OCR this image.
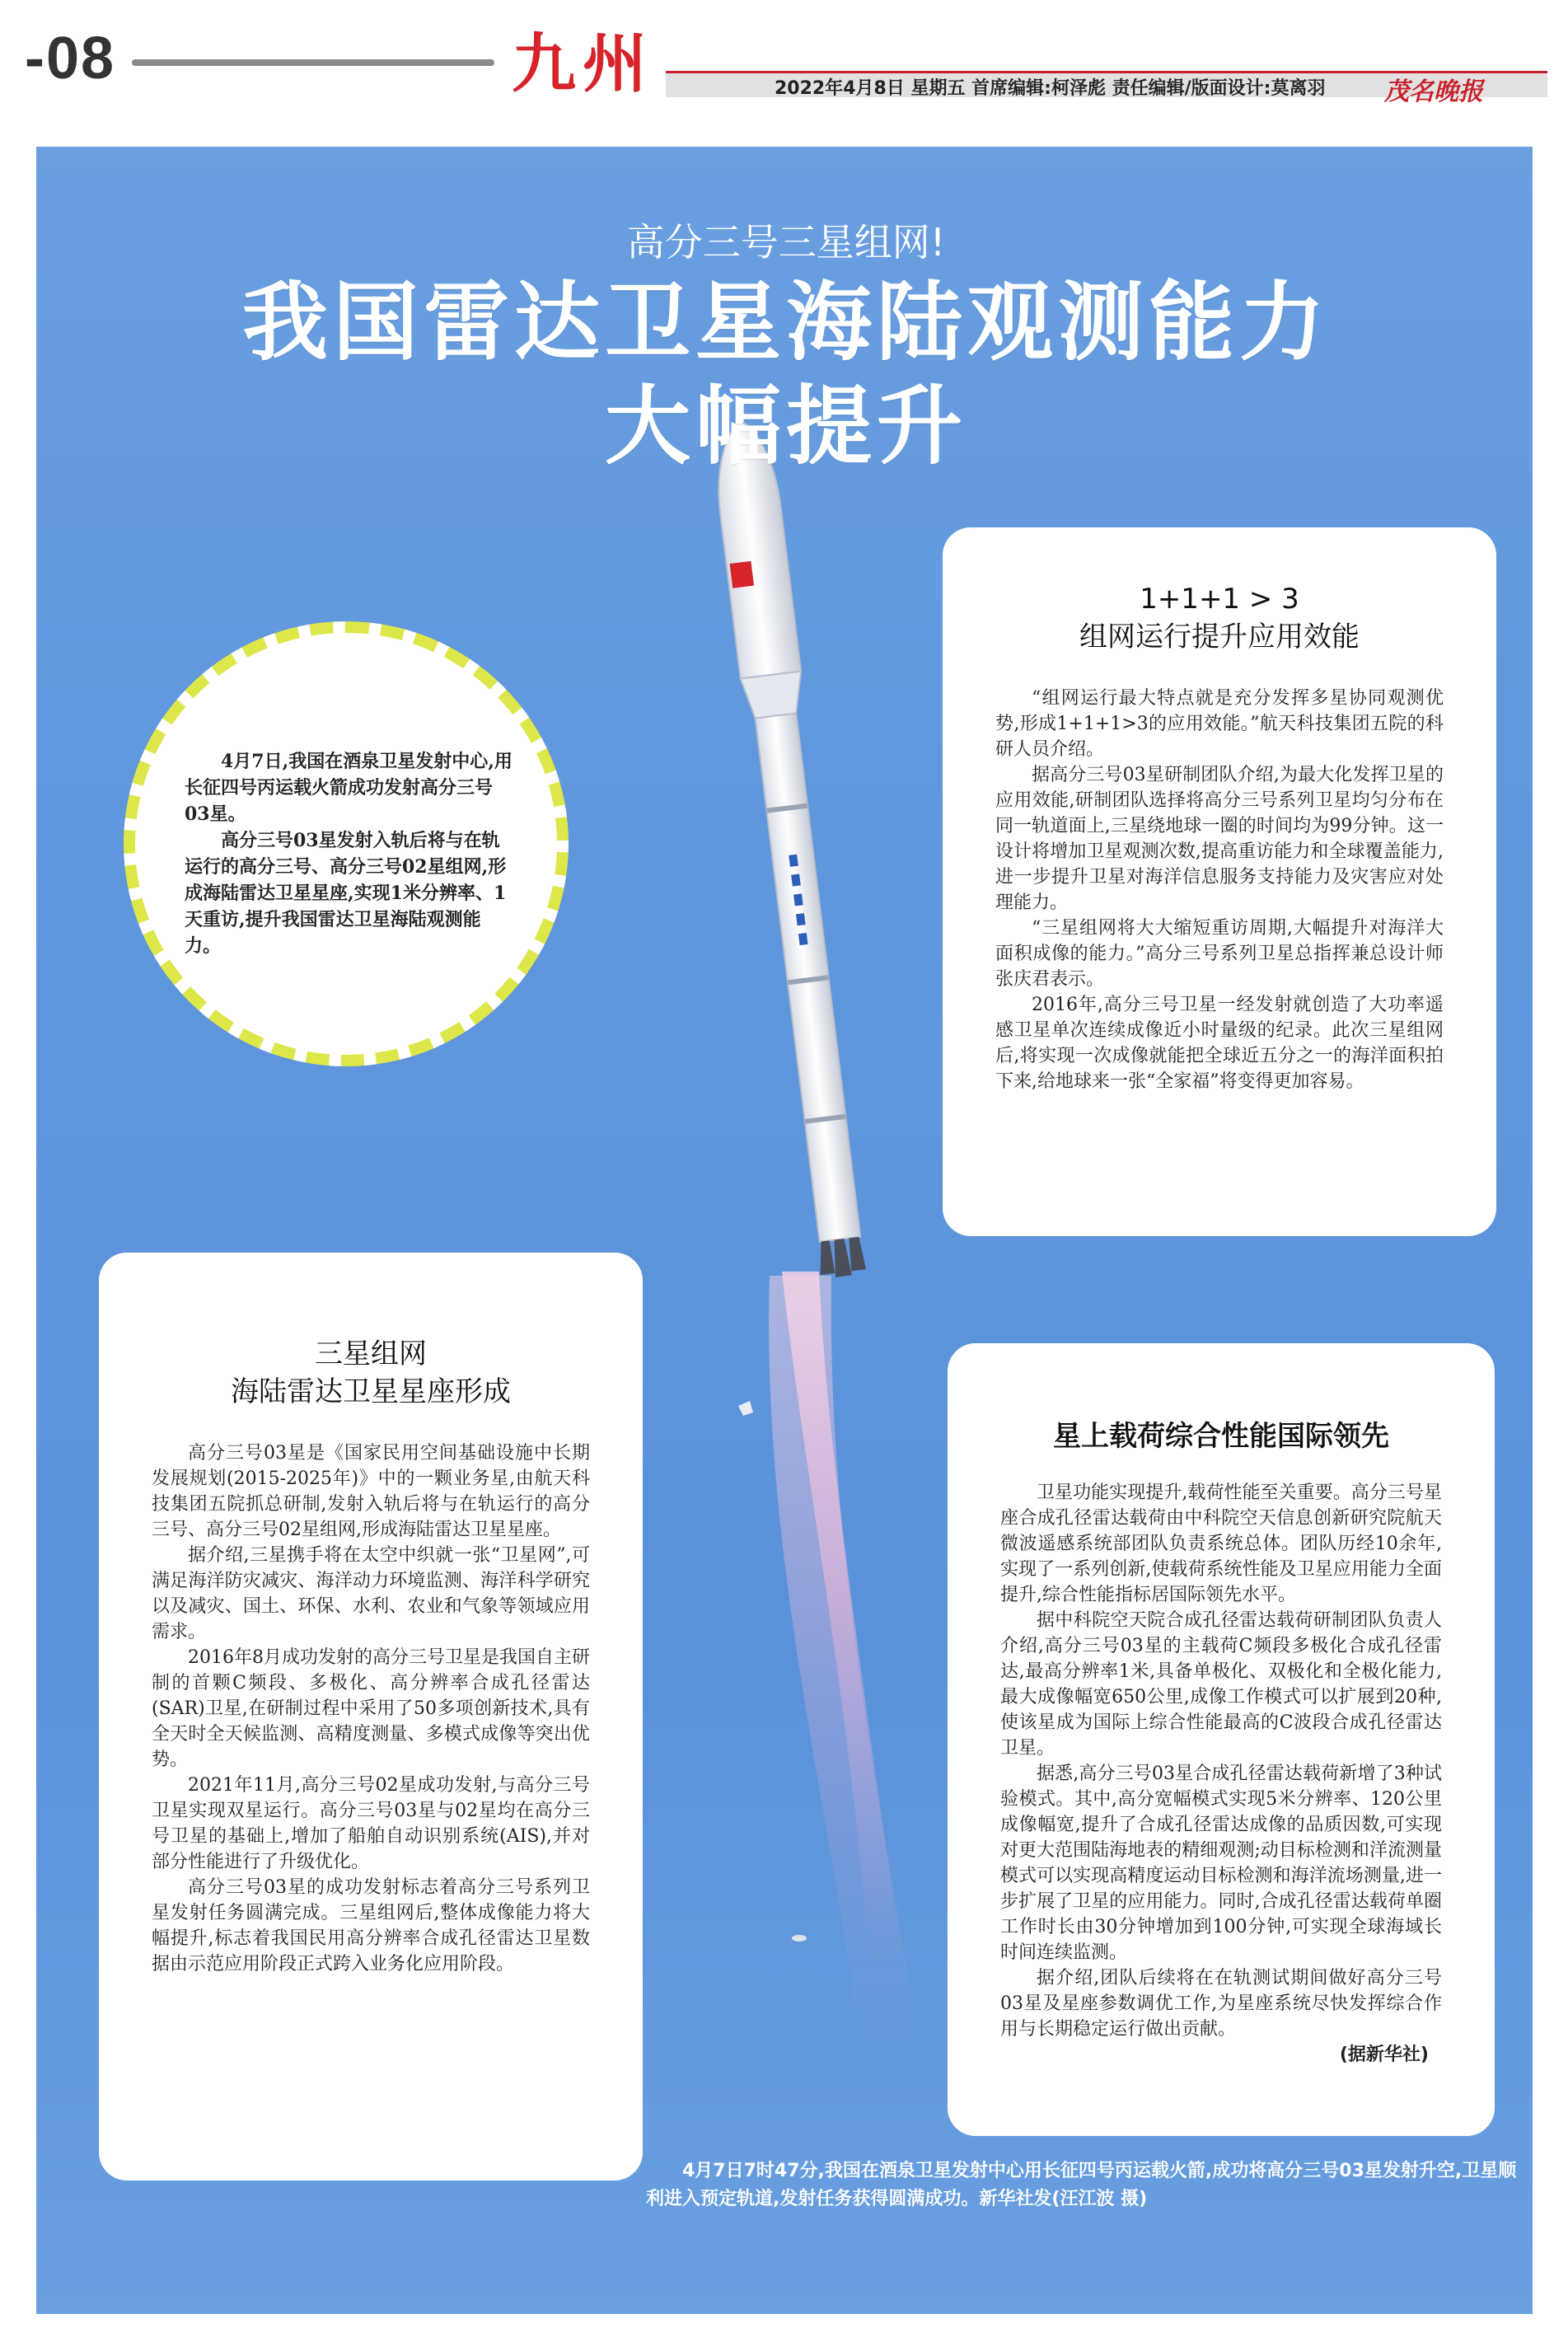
-08	九 州	2022年4月8日 星期五 首席编辑:柯泽彪 责任编辑/版面设计:莫离羽 茂名晚报
高分三号三星组网!
我国雷达卫星海陆观测能力
大幅提升

4月7日,我国在酒泉卫星发射中心,用长征四号丙运载火箭成功发射高分三号03星。

高分三号03星发射入轨后将与在轨运行的高分三号、高分三号02星组网,形成海陆雷达卫星星座,实现1米分辨率、1天重访,提升我国雷达卫星海陆观测能力。

1+1+1 > 3
组网运行提升应用效能

“组网运行最大特点就是充分发挥多星协同观测优势,形成1+1+1>3的应用效能。”航天科技集团五院的科研人员介绍。

据高分三号03星研制团队介绍,为最大化发挥卫星的应用效能,研制团队选择将高分三号系列卫星均匀分布在同一轨道面上,三星绕地球一圈的时间均为99分钟。这一设计将增加卫星观测次数,提高重访能力和全球覆盖能力,进一步提升卫星对海洋信息服务支持能力及灾害应对处理能力。

“三星组网将大大缩短重访周期,大幅提升对海洋大面积成像的能力。”高分三号系列卫星总指挥兼总设计师张庆君表示。

2016年,高分三号卫星一经发射就创造了大功率遥感卫星单次连续成像近小时量级的纪录。此次三星组网后,将实现一次成像就能把全球近五分之一的海洋面积拍下来,给地球来一张“全家福”将变得更加容易。

三星组网
海陆雷达卫星星座形成

高分三号03星是《国家民用空间基础设施中长期发展规划(2015-2025年)》中的一颗业务星,由航天科技集团五院抓总研制,发射入轨后将与在轨运行的高分三号、高分三号02星组网,形成海陆雷达卫星星座。

据介绍,三星携手将在太空中织就一张“卫星网”,可满足海洋防灾减灾、海洋动力环境监测、海洋科学研究以及减灾、国土、环保、水利、农业和气象等领域应用需求。

2016年8月成功发射的高分三号卫星是我国自主研制的首颗C频段、多极化、高分辨率合成孔径雷达(SAR)卫星,在研制过程中采用了50多项创新技术,具有全天时全天候监测、高精度测量、多模式成像等突出优势。

2021年11月,高分三号02星成功发射,与高分三号卫星实现双星运行。高分三号03星与02星均在高分三号卫星的基础上,增加了船舶自动识别系统(AIS),并对部分性能进行了升级优化。

高分三号03星的成功发射标志着高分三号系列卫星发射任务圆满完成。三星组网后,整体成像能力将大幅提升,标志着我国民用高分辨率合成孔径雷达卫星数据由示范应用阶段正式跨入业务化应用阶段。

星上载荷综合性能国际领先

卫星功能实现提升,载荷性能至关重要。高分三号星座合成孔径雷达载荷由中科院空天信息创新研究院航天微波遥感系统部团队负责系统总体。团队历经10余年,实现了一系列创新,使载荷系统性能及卫星应用能力全面提升,综合性能指标居国际领先水平。

据中科院空天院合成孔径雷达载荷研制团队负责人介绍,高分三号03星的主载荷C频段多极化合成孔径雷达,最高分辨率1米,具备单极化、双极化和全极化能力,最大成像幅宽650公里,成像工作模式可以扩展到20种,使该星成为国际上综合性能最高的C波段合成孔径雷达卫星。

据悉,高分三号03星合成孔径雷达载荷新增了3种试验模式。其中,高分宽幅模式实现5米分辨率、120公里成像幅宽,提升了合成孔径雷达成像的品质因数,可实现对更大范围陆海地表的精细观测;动目标检测和洋流测量模式可以实现高精度运动目标检测和海洋流场测量,进一步扩展了卫星的应用能力。同时,合成孔径雷达载荷单圈工作时长由30分钟增加到100分钟,可实现全球海域长时间连续监测。

据介绍,团队后续将在在轨测试期间做好高分三号03星及星座参数调优工作,为星座系统尽快发挥综合作用与长期稳定运行做出贡献。

(据新华社)
4月7日7时47分,我国在酒泉卫星发射中心用长征四号丙运载火箭,成功将高分三号03星发射升空,卫星顺利进入预定轨道,发射任务获得圆满成功。新华社发(汪江波 摄)
